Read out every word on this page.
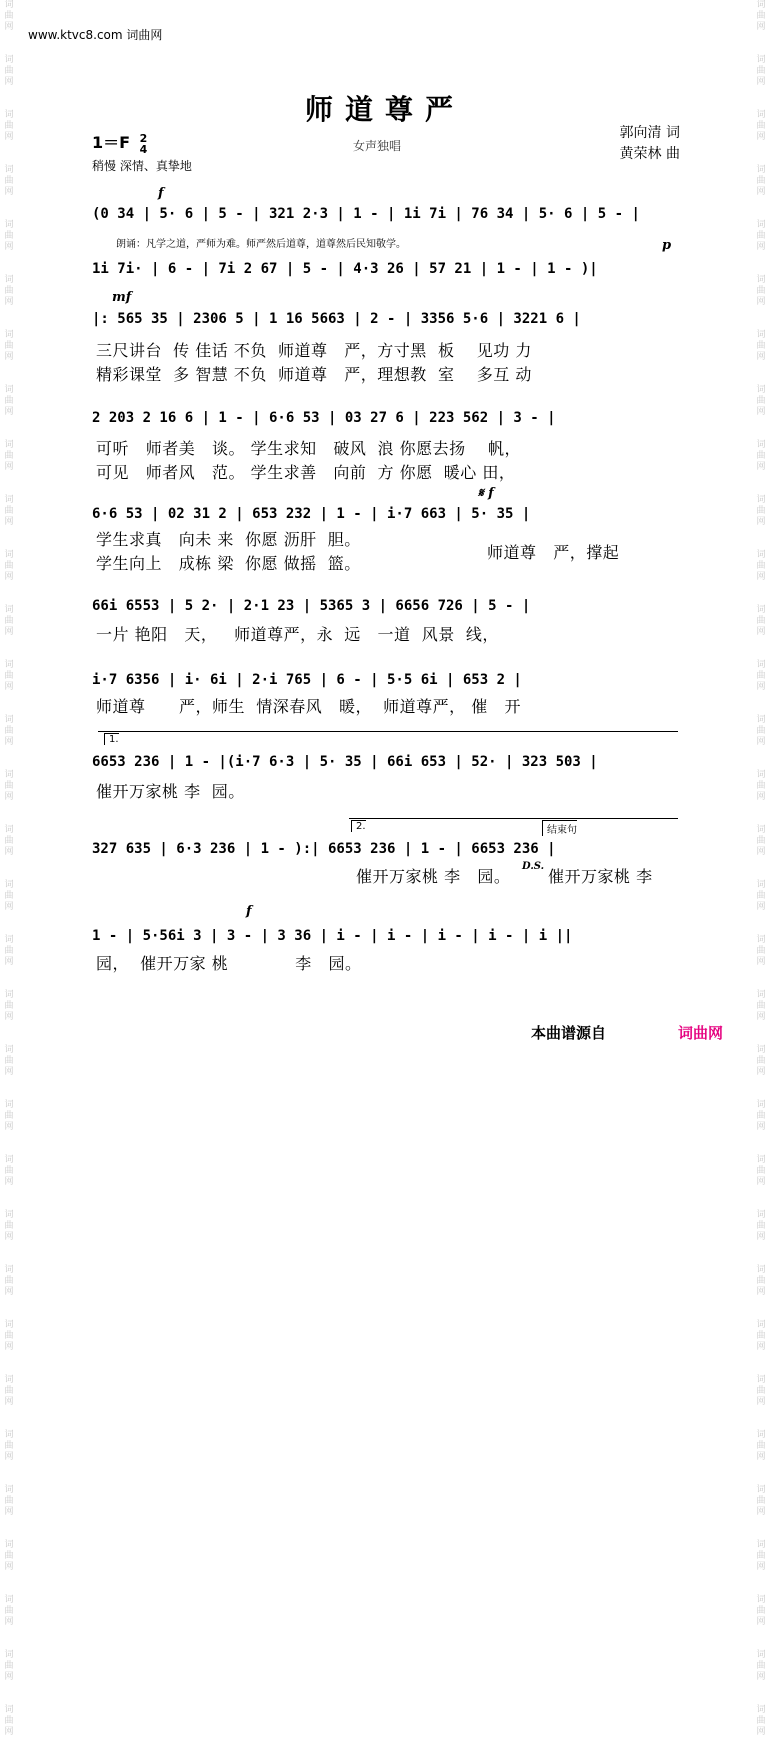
词
曲
网

词
曲
网

词
曲
网

词
曲
网

词
曲
网

词
曲
网

词
曲
网

词
曲
网

词
曲
网

词
曲
网

词
曲
网

词
曲
网

词
曲
网

词
曲
网

词
曲
网

词
曲
网

词
曲
网

词
曲
网

词
曲
网

词
曲
网

词
曲
网

词
曲
网

词
曲
网

词
曲
网

词
曲
网

词
曲
网

词
曲
网

词
曲
网

词
曲
网

词
曲
网

词
曲
网

词
曲
网

词
曲
网

词
曲
网

词
曲
网

词
曲
网

词
曲
网

词
曲
网

词
曲
网

词
曲
网

词
曲
网

词
曲
网

词
曲
网

词
曲
网

词
曲
网

词
曲
网

词
曲
网

词
曲
网

词
曲
网

词
曲
网

词
曲
网

词
曲
网

词
曲
网

词
曲
网

词
曲
网

词
曲
网

词
曲
网

词
曲
网

词
曲
网

词
曲
网

词
曲
网

词
曲
网

词
曲
网

词
曲
网

www.ktvc8.com 词曲网
师道尊严
1＝F 2
4
稍慢 深情、真挚地
女声独唱
郭向清 词
黄荣林 曲
f
(0 34 | 5· 6 | 5 - | 321 2·3 | 1 - | 1i 7i | 76 34 | 5· 6 | 5 - |
朗诵：凡学之道，严师为难。师严然后道尊，道尊然后民知敬学。	p
1i 7i· | 6 - | 7i 2 67 | 5 - | 4·3 26 | 57 21 | 1 - | 1 - )|
mf
|: 565 35 | 2306 5 | 1 16 5663 | 2 - | 3356 5·6 | 3221 6 |
三尺讲台  传 佳话 不负  师道尊   严，方寸黑  板    见功 力
精彩课堂  多 智慧 不负  师道尊   严，理想教  室    多互 动
2 203 2 16 6 | 1 - | 6·6 53 | 03 27 6 | 223 562 | 3 - |
可听   师者美   谈。 学生求知   破风  浪 你愿去扬    帆，
可见   师者风   范。 学生求善   向前  方 你愿  暖心 田，
𝄋 f
6·6 53 | 02 31 2 | 653 232 | 1 - | i·7 663 | 5· 35 |
学生求真   向未 来  你愿 沥肝  胆。
学生向上   成栋 梁  你愿 做摇  篮。
师道尊   严，撑起
66i 6553 | 5 2· | 2·1 23 | 5365 3 | 6656 726 | 5 - |
一片 艳阳   天，   师道尊严，永  远   一道  风景  线，
i·7 6356 | i· 6i | 2·i 765 | 6 - | 5·5 6i | 653 2 |
师道尊      严，师生  情深春风   暖，  师道尊严， 催   开
1.
6653 236 | 1 - |(i·7 6·3 | 5· 35 | 66i 653 | 52· | 323 503 |
催开万家桃 李  园。
2.	结束句
327 635 | 6·3 236 | 1 - ):| 6653 236 | 1 - | 6653 236 |
催开万家桃 李   园。
D.S.
催开万家桃 李
f
1 - | 5·56i 3 | 3 - | 3 36 | i - | i - | i - | i - | i ||
园，  催开万家 桃            李   园。
本曲谱源自	词曲网
